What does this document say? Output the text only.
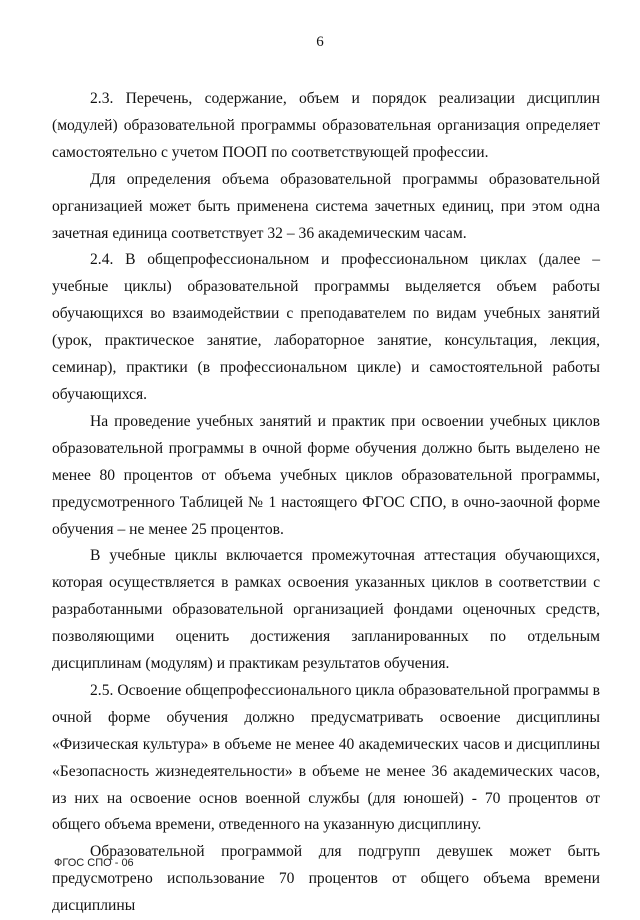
6

2.3. Перечень, содержание, объем и порядок реализации дисциплин (модулей) образовательной программы образовательная организация определяет самостоятельно с учетом ПООП по соответствующей профессии.

Для определения объема образовательной программы образовательной организацией может быть применена система зачетных единиц, при этом одна зачетная единица соответствует 32 – 36 академическим часам.

2.4. В общепрофессиональном и профессиональном циклах (далее – учебные циклы) образовательной программы выделяется объем работы обучающихся во взаимодействии с преподавателем по видам учебных занятий (урок, практическое занятие, лабораторное занятие, консультация, лекция, семинар), практики (в профессиональном цикле) и самостоятельной работы обучающихся.

На проведение учебных занятий и практик при освоении учебных циклов образовательной программы в очной форме обучения должно быть выделено не менее 80 процентов от объема учебных циклов образовательной программы, предусмотренного Таблицей № 1 настоящего ФГОС СПО, в очно-заочной форме обучения – не менее 25 процентов.

В учебные циклы включается промежуточная аттестация обучающихся, которая осуществляется в рамках освоения указанных циклов в соответствии с разработанными образовательной организацией фондами оценочных средств, позволяющими оценить достижения запланированных по отдельным дисциплинам (модулям) и практикам результатов обучения.

2.5. Освоение общепрофессионального цикла образовательной программы в очной форме обучения должно предусматривать освоение дисциплины «Физическая культура» в объеме не менее 40 академических часов и дисциплины «Безопасность жизнедеятельности» в объеме не менее 36 академических часов, из них на освоение основ военной службы (для юношей) - 70 процентов от общего объема времени, отведенного на указанную дисциплину.

Образовательной программой для подгрупп девушек может быть предусмотрено использование 70 процентов от общего объема времени дисциплины

ФГОС СПО - 06
